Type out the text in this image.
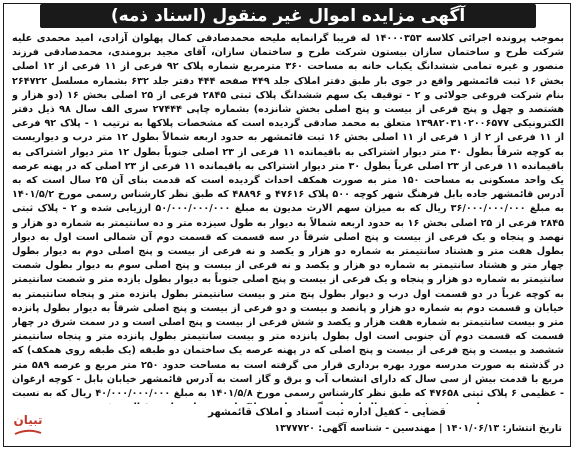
آگهی مزایده اموال غیر منقول (اسناد ذمه)
بموجب پرونده اجرائی کلاسه ۱۴۰۰۰۳۵۳ له فریبا گرانمایه ملیحه محمدصادقی کمال پهلوان آزادی، امید محمدی علیه شرکت طرح و ساختمان سازان بیستون شرکت طرح و ساختمان سازان، آقای مجید برومندی، محمدصادقی فرزند منصور و غیره تمامی ششدانگ یکباب خانه به مساحت ۳۶۰ مترمربع شماره پلاک ۹۲ فرعی از ۱۱ فرعی از ۱۲ اصلی بخش ۱۶ ثبت قائمشهر واقع در جوی بار طبق دفتر املاک جلد ۴۴۹ صفحه ۴۴۴ دفتر جلد ۶۳۲ بشماره مسلسل ۲۶۴۷۲۲ بنام شرکت فروغی جولائی و ۲ - توقیف یک سهم ششدانگ پلاک ثبتی ۲۸۴۵ فرعی از ۲۵ اصلی بخش ۱۶ (دو هزار و هشتصد و چهل و پنج فرعی از بیست و پنج اصلی بخش شانزده) بشماره چاپی ۲۷۴۴۴ سری الف سال ۹۸ ذیل دفتر الکترونیکی ۱۳۹۸۲۰۳۱۰۲۰۰۶۵۷۷ متعلق به محمد صادقی گردیده است که مشخصات پلاکها به ترتیب ۱ - پلاک ۹۲ فرعی از ۱۱ فرعی از ۲ از ۱ فرعی از ۱۱ اصلی بخش ۱۶ ثبت قائمشهر به حدود اربعه شمالاً بطول ۱۲ متر درب و دیواریست به کوچه شرقاً بطول ۳۰ متر دیوار اشتراکی به باقیمانده ۱۱ فرعی از ۲۳ اصلی جنوباً بطول ۱۲ متر دیوار اشتراکی به باقیمانده ۱۱ فرعی از ۲۳ اصلی غرباً بطول ۳۰ متر دیوار اشتراکی به باقیمانده ۱۱ فرعی از ۲۳ اصلی که در پهنه عرصه یک واحد مسکونی به مساحت ۱۵۰ متر به صورت همکف احداث گردیده است که قدمت بنای آن ۲۵ سال است که به آدرس قائمشهر جاده بابل فرهنگ شهر کوچه ۵۰۰ پلاک ۴۷۶۱۶ و ۴۸۸۹۶ که طبق نظر کارشناس رسمی مورخ ۱۴۰۱/۵/۲ به مبلغ ۳۶/۰۰۰/۰۰۰/۰۰۰ ریال که به میزان سهم الارث مدیون به مبلغ ۵۰/۰۰۰/۰۰۰/۰۰۰ ارزیابی شده و ۲ - پلاک ثبتی ۲۸۴۵ فرعی از ۲۵ اصلی بخش ۱۶ به حدود اربعه شمالاً به دیوار به طول سیزده متر و ده سانتیمتر به شماره دو هزار و نهصد و پنجاه و یک فرعی از بیست و پنج اصلی شرقاً در سه قسمت که قسمت دوم آن شمالی است اول به دیوار بطول هفت متر و هشتاد سانتیمتر به شماره دو هزار و یکصد و نه فرعی از بیست و پنج اصلی دوم به دیوار بطول چهار متر و هشتاد سانتیمتر به شماره دو هزار و یکصد و نه فرعی از بیست و پنج اصلی سوم به دیوار بطول شصت سانتیمتر به شماره دو هزار و پنجاه و یک فرعی از بیست و پنج اصلی جنوباً به دیوار بطول یازده متر و شصت سانتیمتر به کوچه غرباً در دو قسمت اول درب و دیوار بطول پنج متر و بیست سانتیمتر بطول پانزده متر و پنجاه سانتیمتر به خیابان و قسمت دوم به شماره دو هزار و پانصد و بیست و دو فرعی از بیست و پنج اصلی شرقاً به دیوار بطول پانزده متر و بیست سانتیمتر به شماره هفت هزار و یکصد و شش فرعی از بیست و پنج اصلی است و در سمت شرق در چهار قسمت که قسمت دوم آن جنوبی است اول بطول پانزده متر و بیست سانتیمتر بطول پانزده متر و پنجاه سانتیمتر ششصد و بیست و پنج فرعی از بیست و پنج اصلی که در پهنه عرصه یک ساختمان دو طبقه (یک طبقه روی همکف) که در گذشته به صورت مدرسه مورد بهره برداری قرار می گرفته است به مساحت حدود ۲۵۰ متر مربع و عرصه ۵۸۹ متر مربع با قدمت بیش از سی سال که دارای انشعاب آب و برق و گاز است به آدرس قائمشهر خیابان بابل - کوچه ارغوان - عظیمی ۶ پلاک ثبتی ۴۷۶۵۸ که طبق نظر کارشناس رسمی مورخ ۱۴۰۱/۵/۸ به مبلغ ۴۰/۰۰۰/۰۰۰/۰۰۰ ریال که به نسبت
قضایی - کفیل اداره ثبت اسناد و املاک قائمشهر
تاریخ انتشار: ۱۴۰۱/۰۶/۱۳ | مهندسین - شناسه آگهی: ۱۳۷۷۷۲۰
تبیان
